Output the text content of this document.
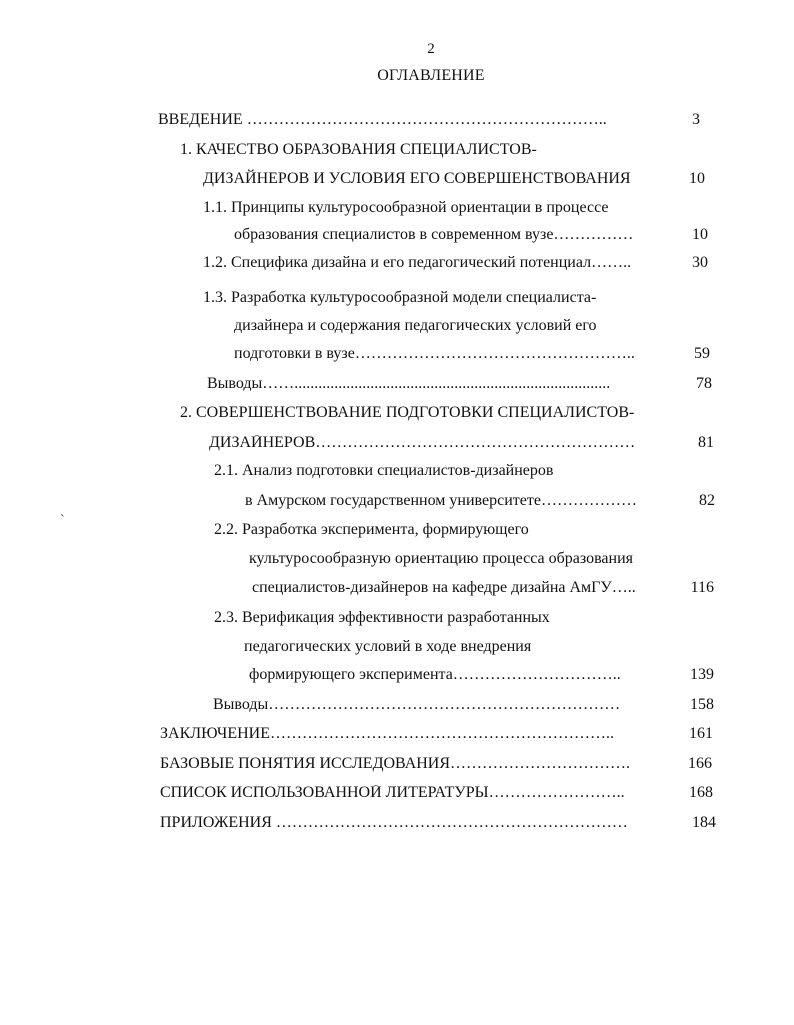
2
ОГЛАВЛЕНИЕ
ˋ
ВВЕДЕНИЕ …………………………………………………………..	3
1. КАЧЕСТВО ОБРАЗОВАНИЯ СПЕЦИАЛИСТОВ-
ДИЗАЙНЕРОВ И УСЛОВИЯ ЕГО СОВЕРШЕНСТВОВАНИЯ	10
1.1. Принципы культуросообразной ориентации в процессе
образования специалистов в современном вузе……………	10
1.2. Специфика дизайна и его педагогический потенциал……..	30
1.3. Разработка культуросообразной модели специалиста-
дизайнера и содержания педагогических условий его
подготовки в вузе……………………………………………..	59
Выводы……...............................................................................	78
2. СОВЕРШЕНСТВОВАНИЕ ПОДГОТОВКИ СПЕЦИАЛИСТОВ-
ДИЗАЙНЕРОВ……………………………………………………	81
2.1. Анализ подготовки специалистов-дизайнеров
в Амурском государственном университете………………	82
2.2. Разработка эксперимента, формирующего
культуросообразную ориентацию процесса образования
специалистов-дизайнеров на кафедре дизайна АмГУ…..	116
2.3. Верификация эффективности разработанных
педагогических условий в ходе внедрения
формирующего эксперимента…………………………..	139
Выводы…………………………………………………………	158
ЗАКЛЮЧЕНИЕ………………………………………………………..	161
БАЗОВЫЕ ПОНЯТИЯ ИССЛЕДОВАНИЯ…………………………….	166
СПИСОК ИСПОЛЬЗОВАННОЙ ЛИТЕРАТУРЫ……………………..	168
ПРИЛОЖЕНИЯ …………………………………………………………	184
